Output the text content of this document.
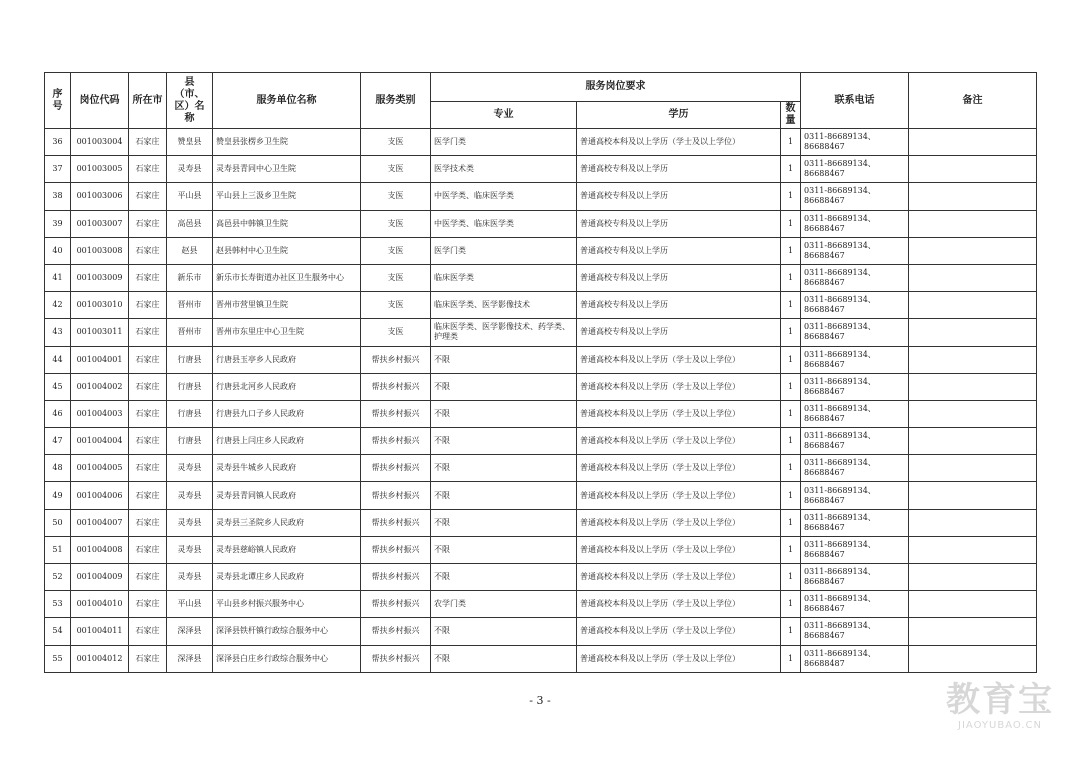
序号	岗位代码	所在市	县（市、区）名称	服务单位名称	服务类别	服务岗位要求			联系电话	备注
						专业	学历	数量		
36	001003004	石家庄	赞皇县	赞皇县张楞乡卫生院	支医	医学门类	普通高校本科及以上学历（学士及以上学位）	1	0311-86689134、86688467	
37	001003005	石家庄	灵寿县	灵寿县青同中心卫生院	支医	医学技术类	普通高校专科及以上学历	1	0311-86689134、86688467	
38	001003006	石家庄	平山县	平山县上三汲乡卫生院	支医	中医学类、临床医学类	普通高校专科及以上学历	1	0311-86689134、86688467	
39	001003007	石家庄	高邑县	高邑县中韩镇卫生院	支医	中医学类、临床医学类	普通高校专科及以上学历	1	0311-86689134、86688467	
40	001003008	石家庄	赵县	赵县韩村中心卫生院	支医	医学门类	普通高校专科及以上学历	1	0311-86689134、86688467	
41	001003009	石家庄	新乐市	新乐市长寿街道办社区卫生服务中心	支医	临床医学类	普通高校专科及以上学历	1	0311-86689134、86688467	
42	001003010	石家庄	晋州市	晋州市营里镇卫生院	支医	临床医学类、医学影像技术	普通高校专科及以上学历	1	0311-86689134、86688467	
43	001003011	石家庄	晋州市	晋州市东里庄中心卫生院	支医	临床医学类、医学影像技术、药学类、护理类	普通高校专科及以上学历	1	0311-86689134、86688467	
44	001004001	石家庄	行唐县	行唐县玉亭乡人民政府	帮扶乡村振兴	不限	普通高校本科及以上学历（学士及以上学位）	1	0311-86689134、86688467	
45	001004002	石家庄	行唐县	行唐县北河乡人民政府	帮扶乡村振兴	不限	普通高校本科及以上学历（学士及以上学位）	1	0311-86689134、86688467	
46	001004003	石家庄	行唐县	行唐县九口子乡人民政府	帮扶乡村振兴	不限	普通高校本科及以上学历（学士及以上学位）	1	0311-86689134、86688467	
47	001004004	石家庄	行唐县	行唐县上闫庄乡人民政府	帮扶乡村振兴	不限	普通高校本科及以上学历（学士及以上学位）	1	0311-86689134、86688467	
48	001004005	石家庄	灵寿县	灵寿县牛城乡人民政府	帮扶乡村振兴	不限	普通高校本科及以上学历（学士及以上学位）	1	0311-86689134、86688467	
49	001004006	石家庄	灵寿县	灵寿县青同镇人民政府	帮扶乡村振兴	不限	普通高校本科及以上学历（学士及以上学位）	1	0311-86689134、86688467	
50	001004007	石家庄	灵寿县	灵寿县三圣院乡人民政府	帮扶乡村振兴	不限	普通高校本科及以上学历（学士及以上学位）	1	0311-86689134、86688467	
51	001004008	石家庄	灵寿县	灵寿县慈峪镇人民政府	帮扶乡村振兴	不限	普通高校本科及以上学历（学士及以上学位）	1	0311-86689134、86688467	
52	001004009	石家庄	灵寿县	灵寿县北谭庄乡人民政府	帮扶乡村振兴	不限	普通高校本科及以上学历（学士及以上学位）	1	0311-86689134、86688467	
53	001004010	石家庄	平山县	平山县乡村振兴服务中心	帮扶乡村振兴	农学门类	普通高校本科及以上学历（学士及以上学位）	1	0311-86689134、86688467	
54	001004011	石家庄	深泽县	深泽县铁杆镇行政综合服务中心	帮扶乡村振兴	不限	普通高校本科及以上学历（学士及以上学位）	1	0311-86689134、86688467	
55	001004012	石家庄	深泽县	深泽县白庄乡行政综合服务中心	帮扶乡村振兴	不限	普通高校本科及以上学历（学士及以上学位）	1	0311-86689134、86688487	
- 3 -	教育宝
JIAOYUBAO.CN
